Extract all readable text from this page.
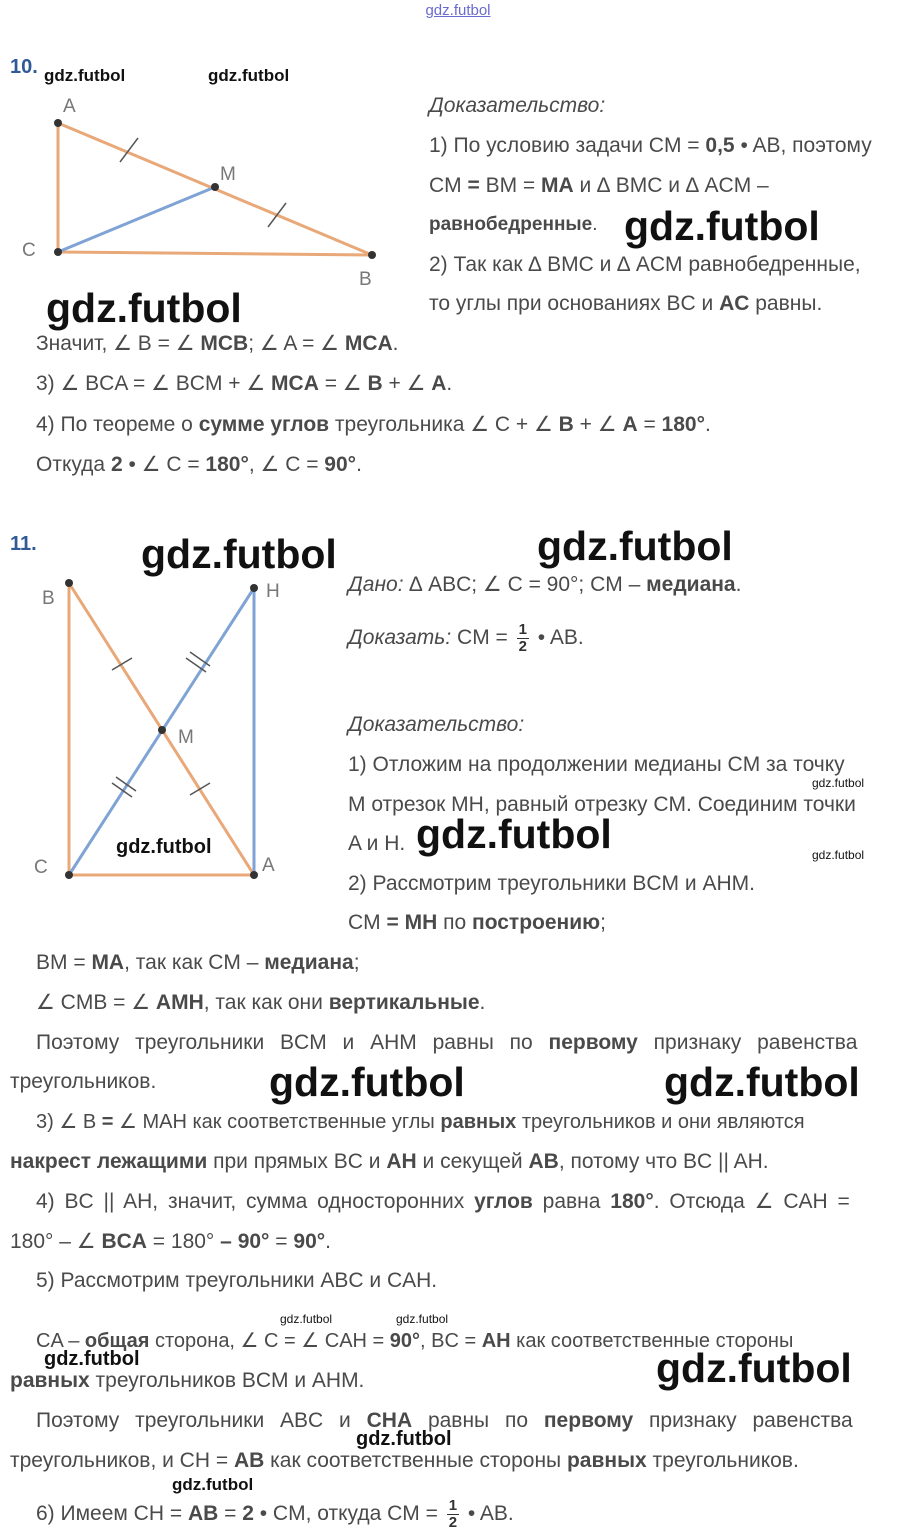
gdz.futbol
10. gdz.futbol	gdz.futbol
A
C
B
M
Доказательство:
1) По условию задачи CM = 0,5 • AB, поэтому
CM = BM = MA и ∆ BMC и ∆ ACM –
равнобедренные. gdz.futbol
2) Так как ∆ BMC и ∆ ACM равнобедренные,
то углы при основаниях BC и AC равны.
gdz.futbol
Значит, ∠ B = ∠ MCB; ∠ A = ∠ MCA.
3) ∠ BCA = ∠ BCM + ∠ MCA = ∠ B + ∠ A.
4) По теореме о сумме углов треугольника ∠ C + ∠ B + ∠ A = 180°.
Откуда 2 • ∠ C = 180°, ∠ C = 90°.
11.	gdz.futbol	gdz.futbol
B	H
M
C	A
gdz.futbol
Дано: ∆ ABC; ∠ C = 90°; CM – медиана.
Доказать: CM = $\frac{1}{2}$ • AB.
Доказательство:
1) Отложим на продолжении медианы CM за точку
gdz.futbol
M отрезок MH, равный отрезку CM. Соединим точки
A и H. gdz.futbol	gdz.futbol
2) Рассмотрим треугольники BCM и AHM.
CM = MH по построению;
BM = MA, так как CM – медиана;
∠ CMB = ∠ AMH, так как они вертикальные.
Поэтому треугольники BCM и AHM равны по первому признаку равенства
треугольников.	gdz.futbol	gdz.futbol
3) ∠ B = ∠ MAH как соответственные углы равных треугольников и они являются
накрест лежащими при прямых BC и AH и секущей AB, потому что BC || AH.
4) BC || AH, значит, сумма односторонних углов равна 180°. Отсюда ∠ CAH =
180° – ∠ BCA = 180° – 90° = 90°.
5) Рассмотрим треугольники ABC и CAH.
gdz.futbol	gdz.futbol
CA – общая сторона, ∠ C = ∠ CAH = 90°, BC = AH как соответственные стороны
gdz.futbol	gdz.futbol
равных треугольников BCM и AHM.
Поэтому треугольники ABC и CHA равны по первому признаку равенства
gdz.futbol
треугольников, и CH = AB как соответственные стороны равных треугольников.
gdz.futbol
6) Имеем CH = AB = 2 • CM, откуда CM = $\frac{1}{2}$ • AB.
